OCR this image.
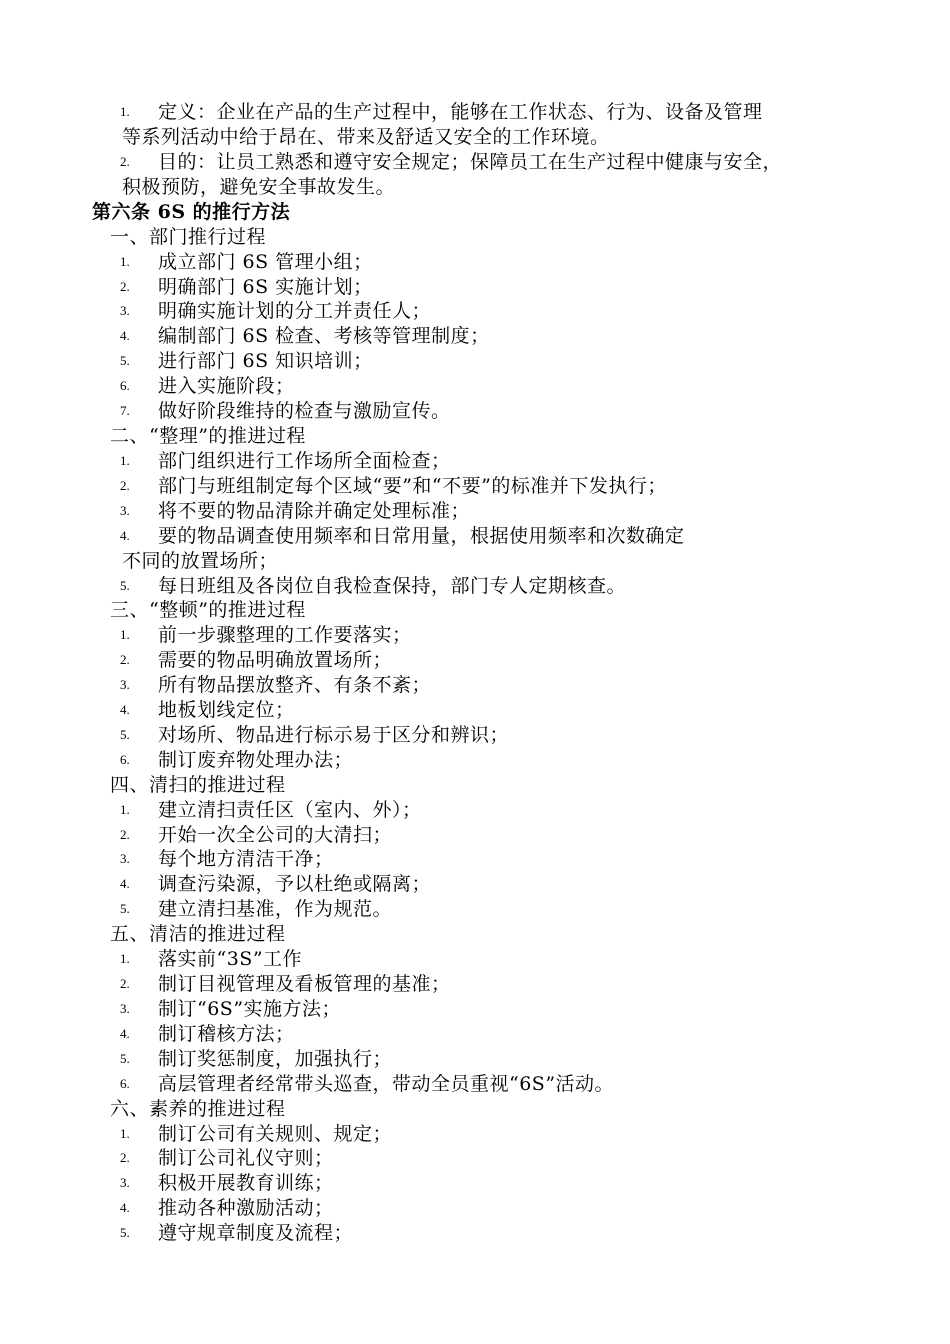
1. 定义：企业在产品的生产过程中，能够在工作状态、行为、设备及管理
等系列活动中给于昂在、带来及舒适又安全的工作环境。
2. 目的：让员工熟悉和遵守安全规定；保障员工在生产过程中健康与安全，
积极预防，避免安全事故发生。
第六条 6S 的推行方法
一、部门推行过程
1. 成立部门 6S 管理小组；
2. 明确部门 6S 实施计划；
3. 明确实施计划的分工并责任人；
4. 编制部门 6S 检查、考核等管理制度；
5. 进行部门 6S 知识培训；
6. 进入实施阶段；
7. 做好阶段维持的检查与激励宣传。
二、“整理”的推进过程
1. 部门组织进行工作场所全面检查；
2. 部门与班组制定每个区域“要”和“不要”的标准并下发执行；
3. 将不要的物品清除并确定处理标准；
4. 要的物品调查使用频率和日常用量，根据使用频率和次数确定
不同的放置场所；
5. 每日班组及各岗位自我检查保持，部门专人定期核查。
三、“整顿”的推进过程
1. 前一步骤整理的工作要落实；
2. 需要的物品明确放置场所；
3. 所有物品摆放整齐、有条不紊；
4. 地板划线定位；
5. 对场所、物品进行标示易于区分和辨识；
6. 制订废弃物处理办法；
四、清扫的推进过程
1. 建立清扫责任区（室内、外）；
2. 开始一次全公司的大清扫；
3. 每个地方清洁干净；
4. 调查污染源，予以杜绝或隔离；
5. 建立清扫基准，作为规范。
五、清洁的推进过程
1. 落实前“3S”工作
2. 制订目视管理及看板管理的基准；
3. 制订“6S”实施方法；
4. 制订稽核方法；
5. 制订奖惩制度，加强执行；
6. 高层管理者经常带头巡查，带动全员重视“6S”活动。
六、素养的推进过程
1. 制订公司有关规则、规定；
2. 制订公司礼仪守则；
3. 积极开展教育训练；
4. 推动各种激励活动；
5. 遵守规章制度及流程；
